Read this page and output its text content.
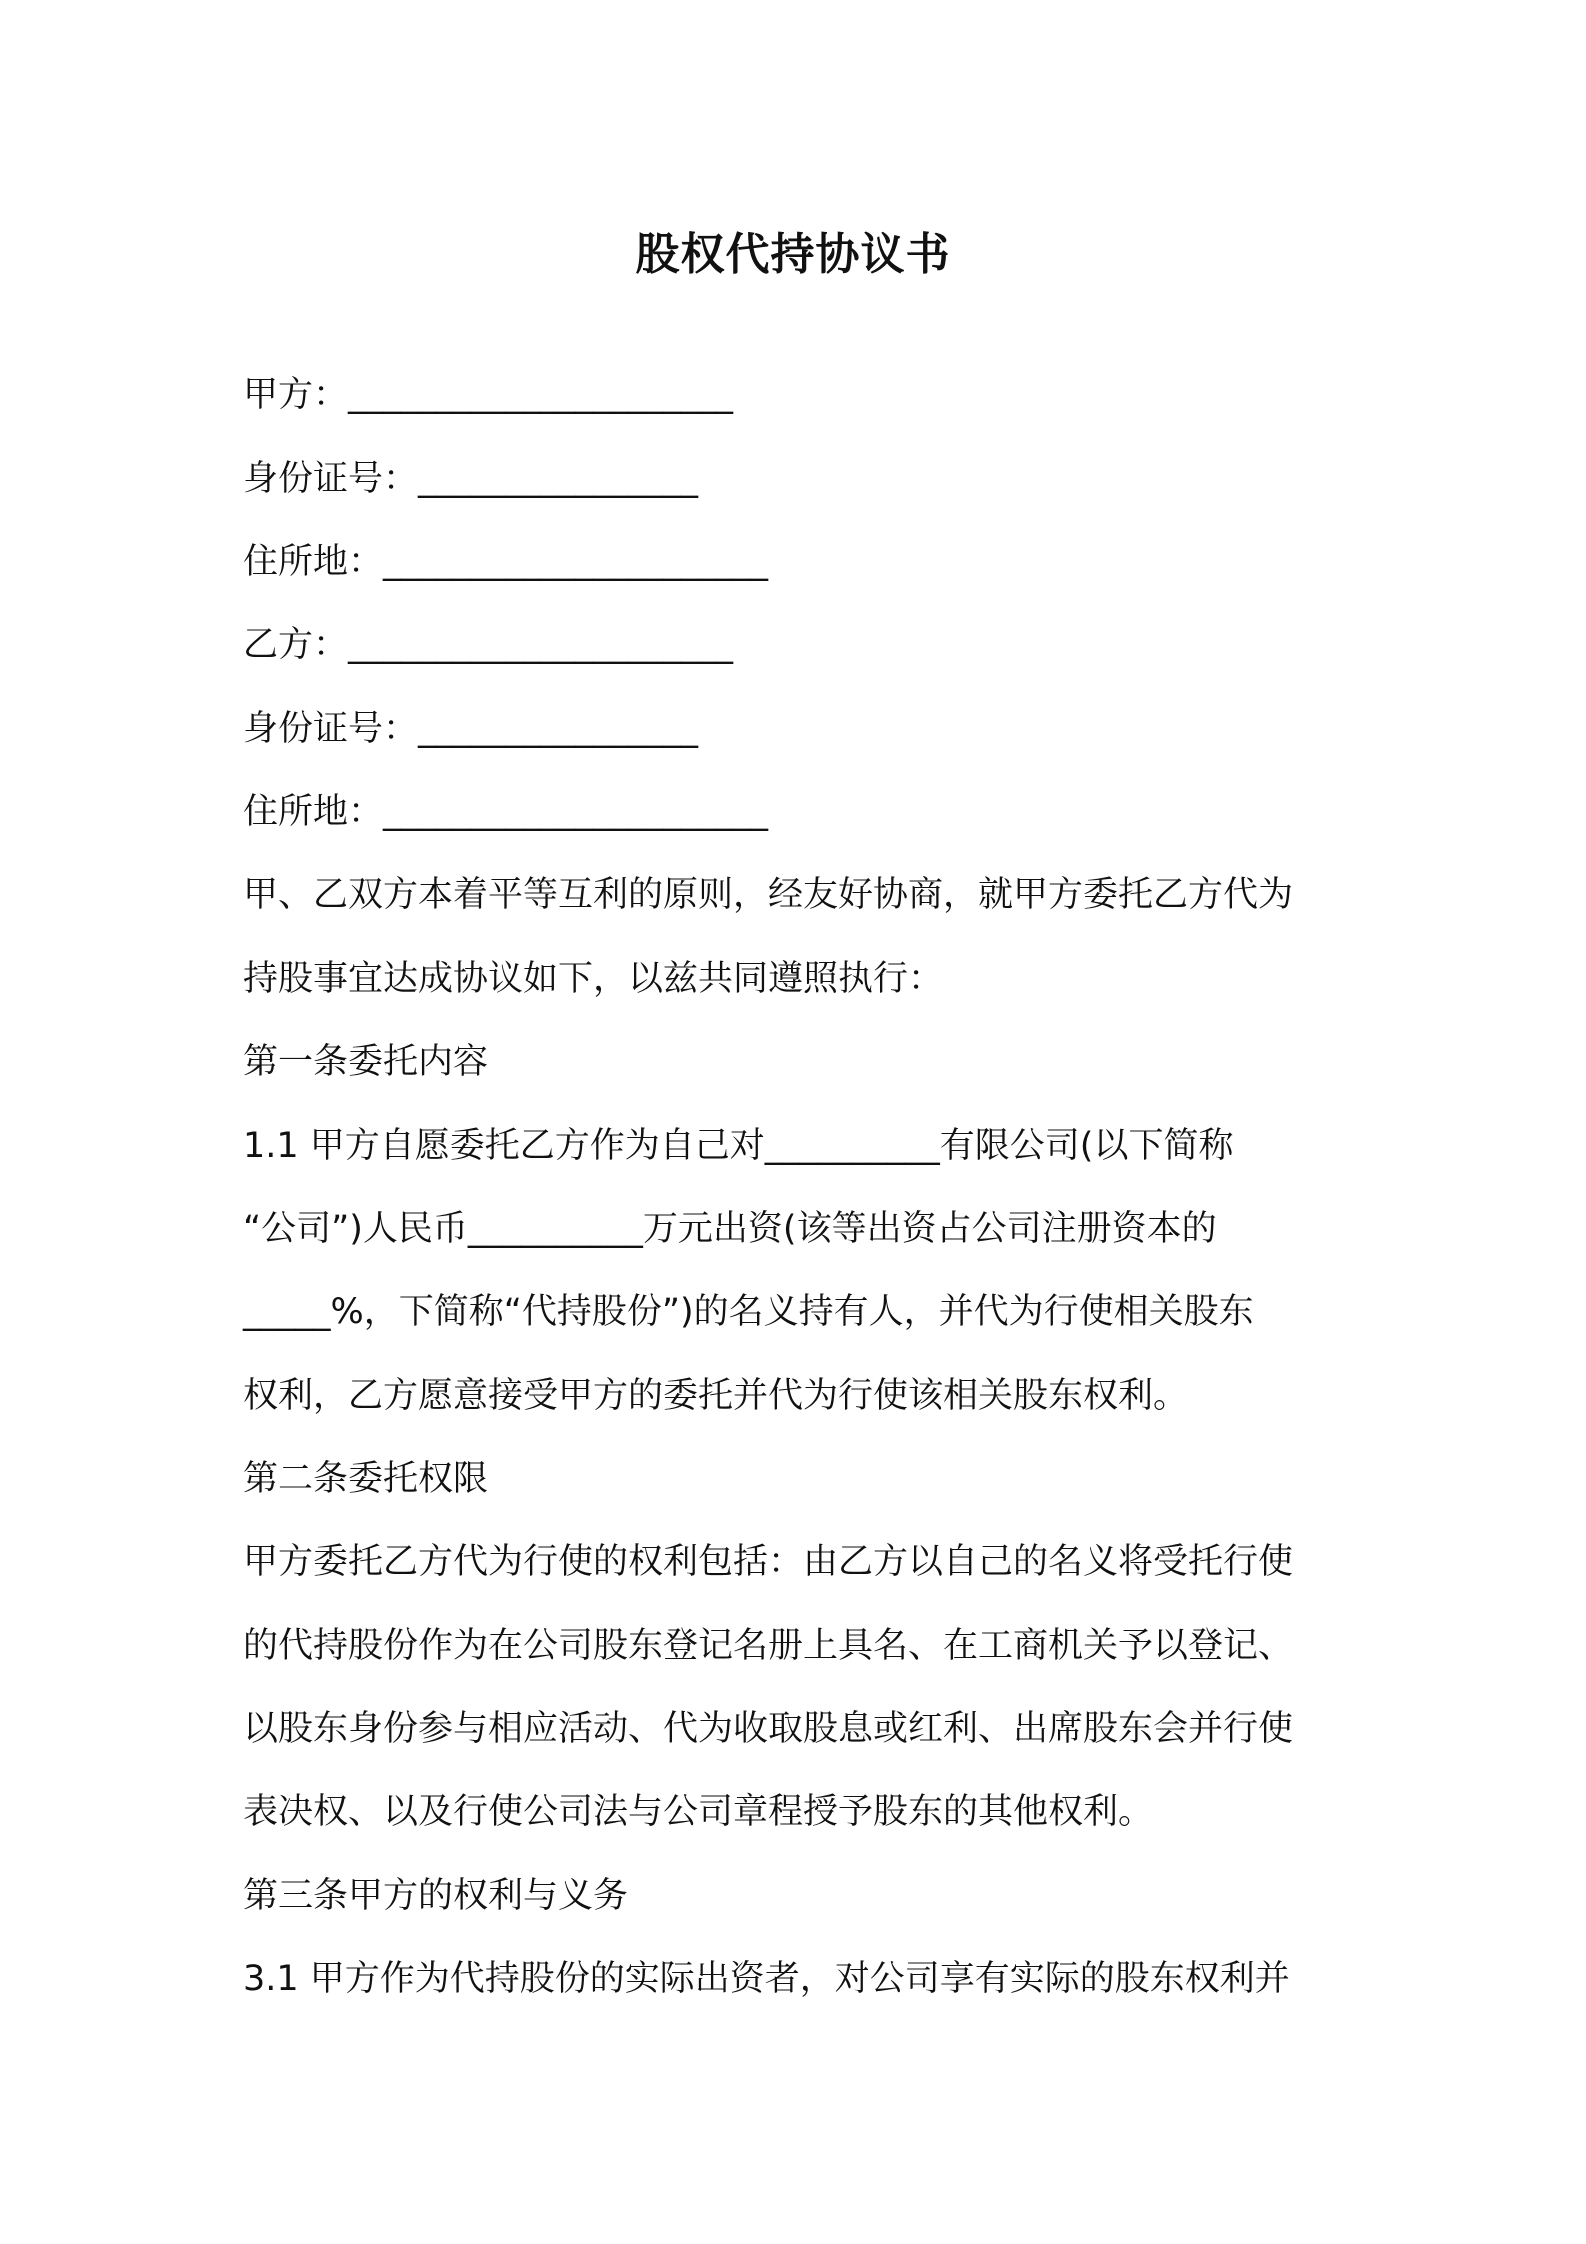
股权代持协议书

甲方：______________________

身份证号：________________

住所地：______________________

乙方：______________________

身份证号：________________

住所地：______________________

甲、乙双方本着平等互利的原则，经友好协商，就甲方委托乙方代为

持股事宜达成协议如下，以兹共同遵照执行：

第一条委托内容

1.1 甲方自愿委托乙方作为自己对__________有限公司(以下简称

“公司”)人民币__________万元出资(该等出资占公司注册资本的

_____%，下简称“代持股份”)的名义持有人，并代为行使相关股东

权利，乙方愿意接受甲方的委托并代为行使该相关股东权利。

第二条委托权限

甲方委托乙方代为行使的权利包括：由乙方以自己的名义将受托行使

的代持股份作为在公司股东登记名册上具名、在工商机关予以登记、

以股东身份参与相应活动、代为收取股息或红利、出席股东会并行使

表决权、以及行使公司法与公司章程授予股东的其他权利。

第三条甲方的权利与义务

3.1 甲方作为代持股份的实际出资者，对公司享有实际的股东权利并
